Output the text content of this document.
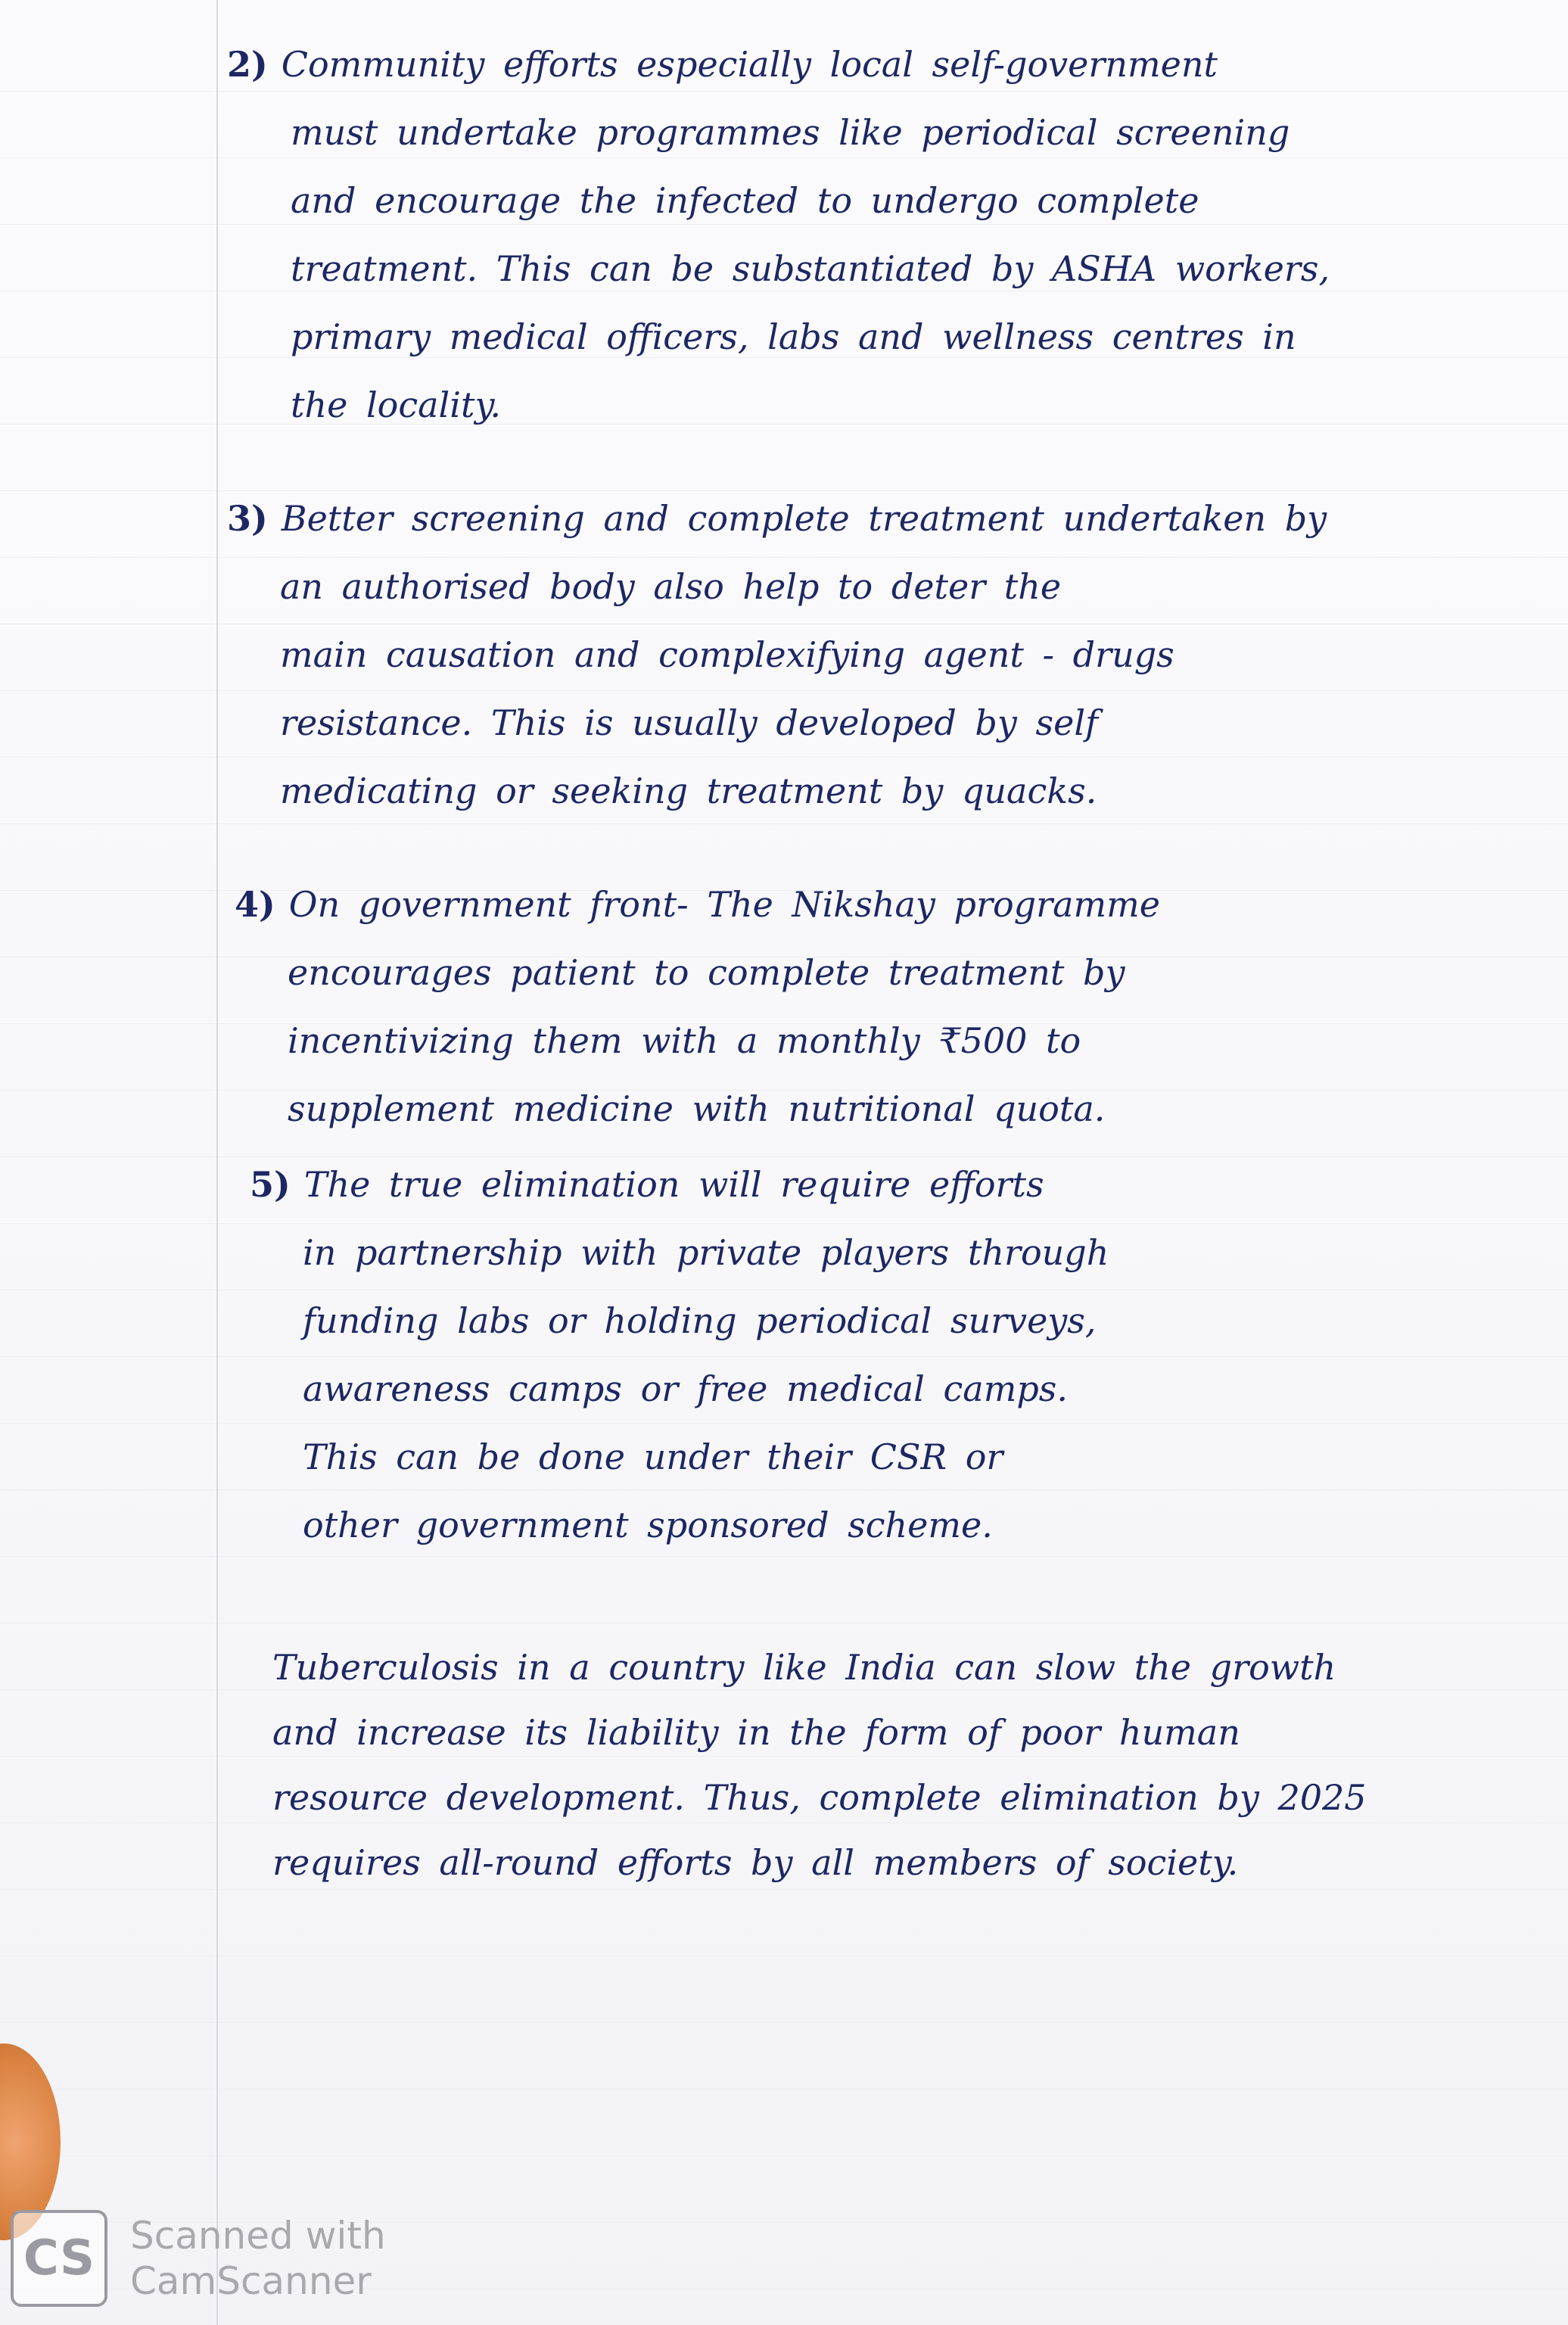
2) Community efforts especially local self-government
must undertake programmes like periodical screening
and encourage the infected to undergo complete
treatment. This can be substantiated by ASHA workers,
primary medical officers, labs and wellness centres in
the locality.
3) Better screening and complete treatment undertaken by
an authorised body also help to deter the
main causation and complexifying agent - drugs
resistance. This is usually developed by self
medicating or seeking treatment by quacks.
4) On government front- The Nikshay programme
encourages patient to complete treatment by
incentivizing them with a monthly ₹500 to
supplement medicine with nutritional quota.
5) The true elimination will require efforts
in partnership with private players through
funding labs or holding periodical surveys,
awareness camps or free medical camps.
This can be done under their CSR or
other government sponsored scheme.
Tuberculosis in a country like India can slow the growth
and increase its liability in the form of poor human
resource development. Thus, complete elimination by 2025
requires all-round efforts by all members of society.
CS Scanned with
CamScanner
